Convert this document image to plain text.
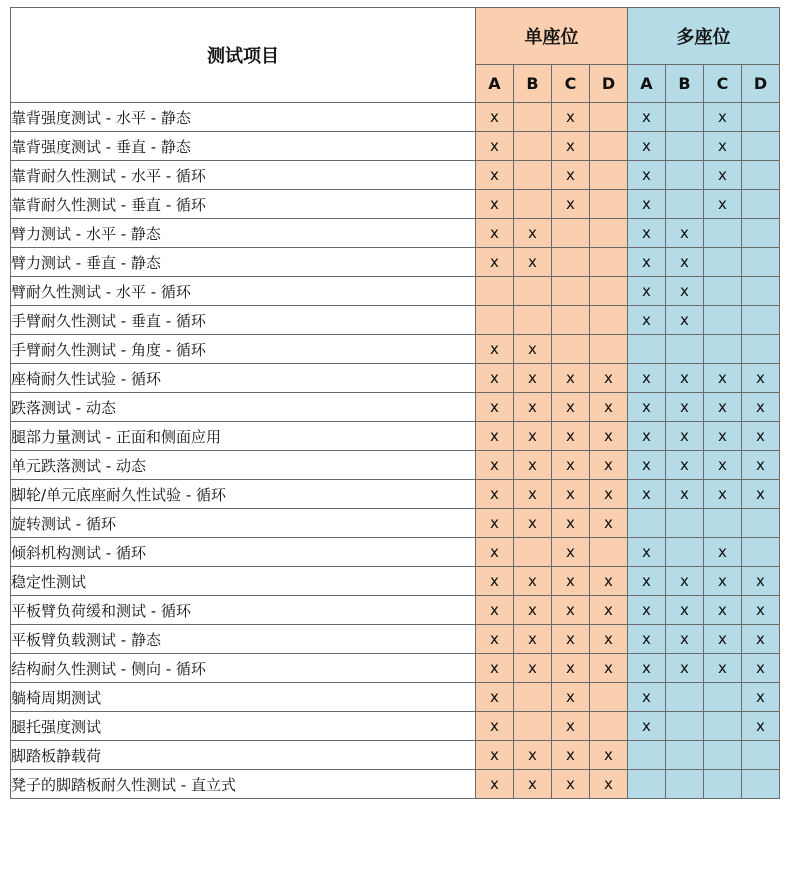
测试项目	单座位				多座位			
	A	B	C	D	A	B	C	D
靠背强度测试 - 水平 - 静态	x		x		x		x	
靠背强度测试 - 垂直 - 静态	x		x		x		x	
靠背耐久性测试 - 水平 - 循环	x		x		x		x	
靠背耐久性测试 - 垂直 - 循环	x		x		x		x	
臂力测试 - 水平 - 静态	x	x			x	x		
臂力测试 - 垂直 - 静态	x	x			x	x		
臂耐久性测试 - 水平 - 循环					x	x		
手臂耐久性测试 - 垂直 - 循环					x	x		
手臂耐久性测试 - 角度 - 循环	x	x						
座椅耐久性试验 - 循环	x	x	x	x	x	x	x	x
跌落测试 - 动态	x	x	x	x	x	x	x	x
腿部力量测试 - 正面和侧面应用	x	x	x	x	x	x	x	x
单元跌落测试 - 动态	x	x	x	x	x	x	x	x
脚轮/单元底座耐久性试验 - 循环	x	x	x	x	x	x	x	x
旋转测试 - 循环	x	x	x	x				
倾斜机构测试 - 循环	x		x		x		x	
稳定性测试	x	x	x	x	x	x	x	x
平板臂负荷缓和测试 - 循环	x	x	x	x	x	x	x	x
平板臂负载测试 - 静态	x	x	x	x	x	x	x	x
结构耐久性测试 - 侧向 - 循环	x	x	x	x	x	x	x	x
躺椅周期测试	x		x		x			x
腿托强度测试	x		x		x			x
脚踏板静载荷	x	x	x	x				
凳子的脚踏板耐久性测试 - 直立式	x	x	x	x				
